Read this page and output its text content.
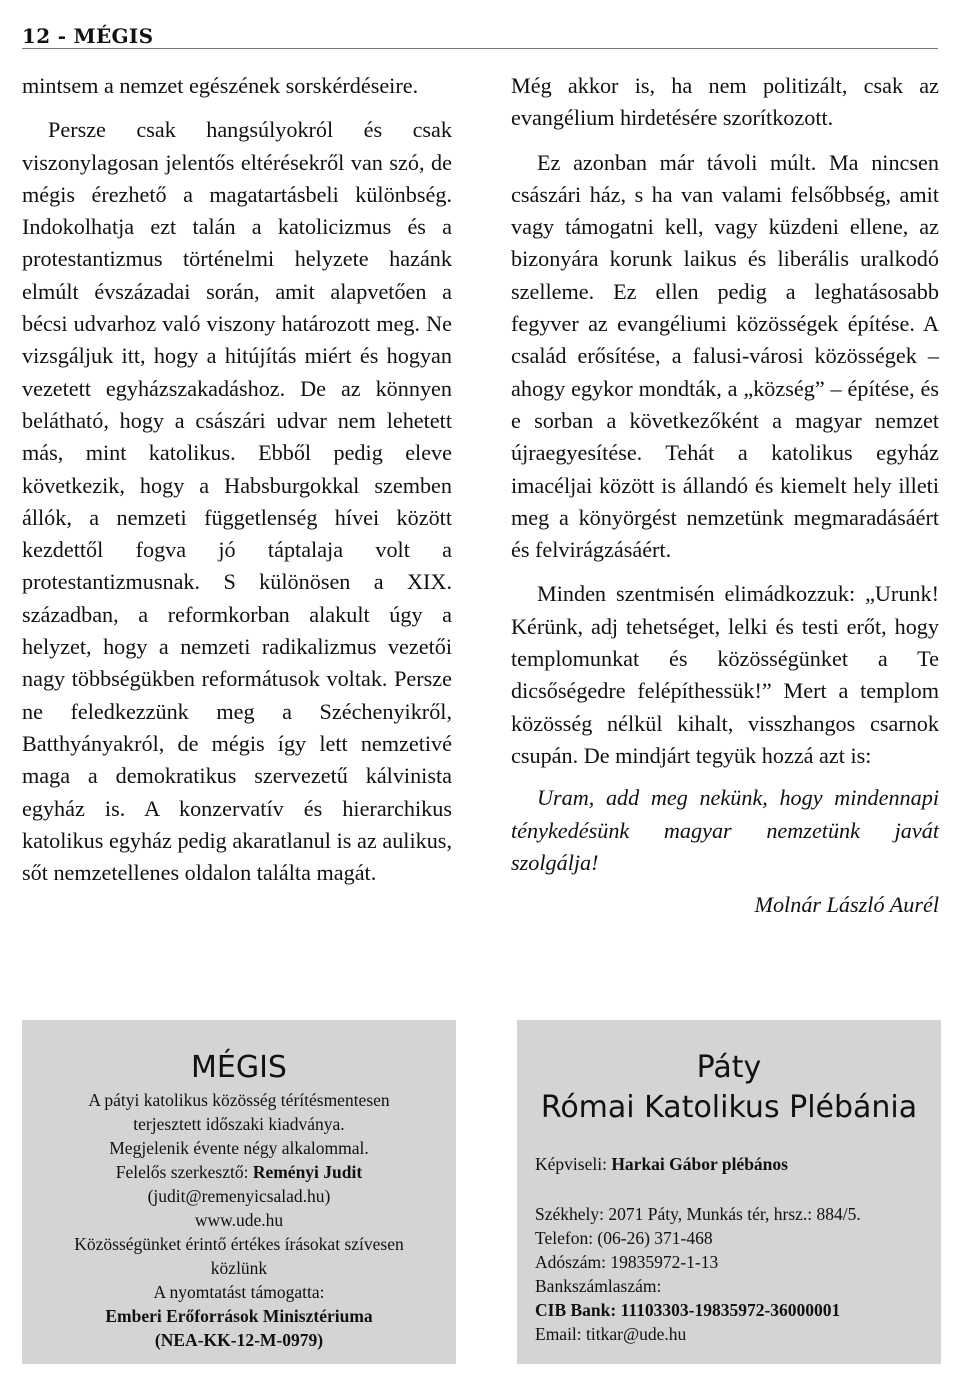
12 - MÉGIS

mintsem a nemzet egészének sorskérdéseire.

Persze csak hangsúlyokról és csak viszonylagosan jelentős eltérésekről van szó, de mégis érezhető a magatartásbeli különbség. Indokolhatja ezt talán a katolicizmus és a protestantizmus történelmi helyzete hazánk elmúlt évszázadai során, amit alapvetően a bécsi udvarhoz való viszony határozott meg. Ne vizsgáljuk itt, hogy a hitújítás miért és hogyan vezetett egyházszakadáshoz. De az könnyen belátható, hogy a császári udvar nem lehetett más, mint katolikus. Ebből pedig eleve következik, hogy a Habsburgokkal szemben állók, a nemzeti függetlenség hívei között kezdettől fogva jó táptalaja volt a protestantizmusnak. S különösen a XIX. században, a reformkorban alakult úgy a helyzet, hogy a nemzeti radikalizmus vezetői nagy többségükben reformátusok voltak. Persze ne feledkezzünk meg a Széchenyikről, Batthyányakról, de mégis így lett nemzetivé maga a demokratikus szervezetű kálvinista egyház is. A konzervatív és hierarchikus katolikus egyház pedig akaratlanul is az aulikus, sőt nemzetellenes oldalon találta magát.

Még akkor is, ha nem politizált, csak az evangélium hirdetésére szorítkozott.

Ez azonban már távoli múlt. Ma nincsen császári ház, s ha van valami felsőbbség, amit vagy támogatni kell, vagy küzdeni ellene, az bizonyára korunk laikus és liberális uralkodó szelleme. Ez ellen pedig a leghatásosabb fegyver az evangéliumi közösségek építése. A család erősítése, a falusi-városi közösségek – ahogy egykor mondták, a „község” – építése, és e sorban a következőként a magyar nemzet újraegyesítése. Tehát a katolikus egyház imacéljai között is állandó és kiemelt hely illeti meg a könyörgést nemzetünk megmaradásáért és felvirágzásáért.

Minden szentmisén elimádkozzuk: „Urunk! Kérünk, adj tehetséget, lelki és testi erőt, hogy templomunkat és közösségünket a Te dicsőségedre felépíthessük!” Mert a templom közösség nélkül kihalt, visszhangos csarnok csupán. De mindjárt tegyük hozzá azt is:

Uram, add meg nekünk, hogy mindennapi ténykedésünk magyar nemzetünk javát szolgálja!

Molnár László Aurél

MÉGIS
A pátyi katolikus közösség térítésmentesen
terjesztett időszaki kiadványa.
Megjelenik évente négy alkalommal.
Felelős szerkesztő: Reményi Judit
(judit@remenyicsalad.hu)
www.ude.hu
Közösségünket érintő értékes írásokat szívesen
közlünk
A nyomtatást támogatta:
Emberi Erőforrások Minisztériuma
(NEA-KK-12-M-0979)
Páty
Római Katolikus Plébánia
Képviseli: Harkai Gábor plébános
Székhely: 2071 Páty, Munkás tér, hrsz.: 884/5.
Telefon: (06-26) 371-468
Adószám: 19835972-1-13
Bankszámlaszám:
CIB Bank: 11103303-19835972-36000001
Email: titkar@ude.hu
